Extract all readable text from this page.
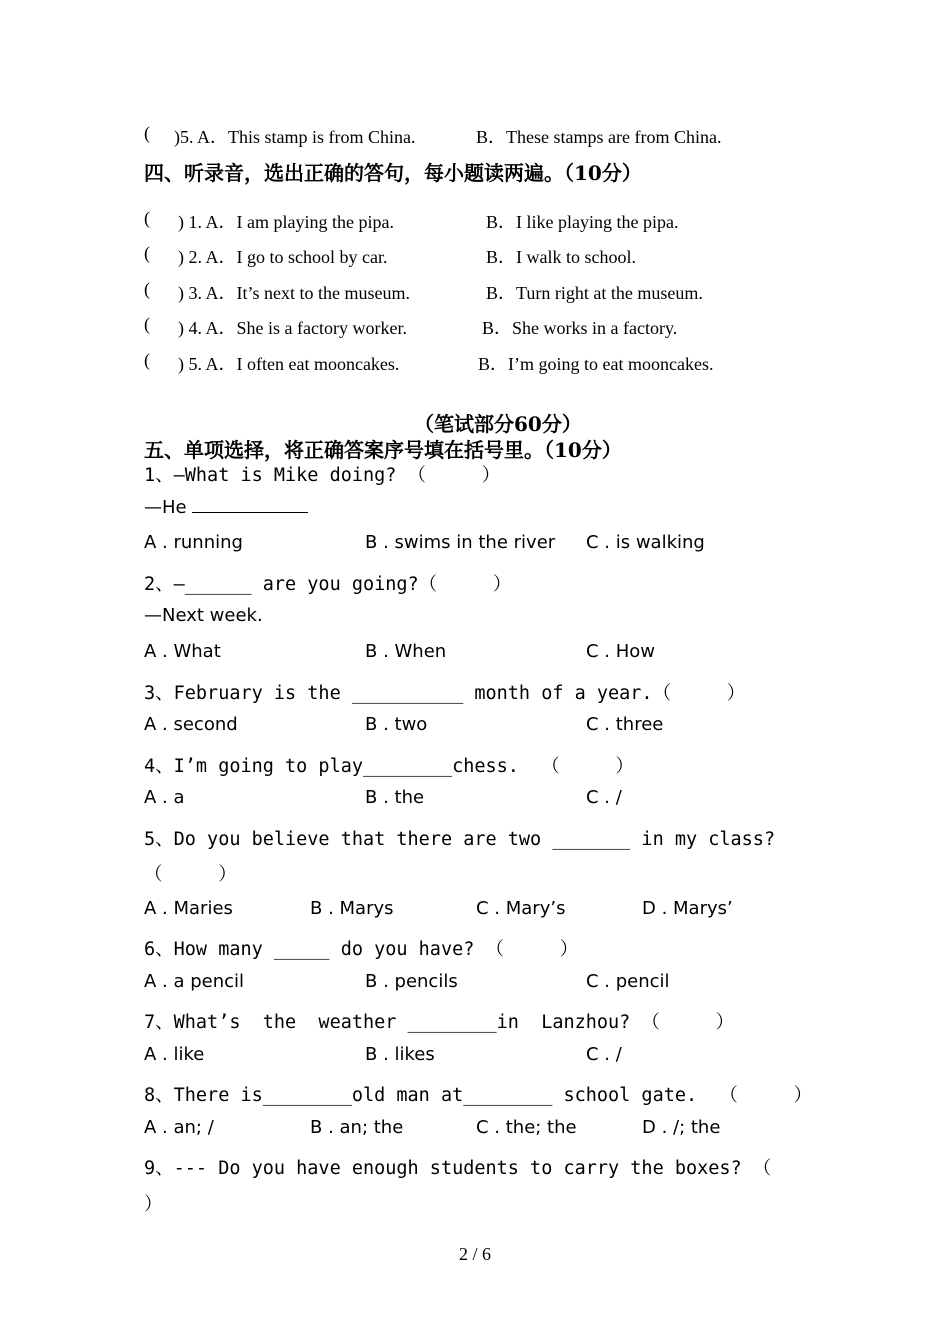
( )5. A．This stamp is from China.	B．These stamps are from China.
四、听录音，选出正确的答句，每小题读两遍。（10分）
( ) 1. A．I am playing the pipa.	B．I like playing the pipa.
( ) 2. A．I go to school by car.	B．I walk to school.
( ) 3. A．It’s next to the museum.	B．Turn right at the museum.
( ) 4. A．She is a factory worker.	B．She works in a factory.
( ) 5. A．I often eat mooncakes.	B．I’m going to eat mooncakes.
（笔试部分60分）
五、单项选择，将正确答案序号填在括号里。（10分）
1、—What is Mike doing? （     ）
—He
A . running	B . swims in the river C . is walking
2、—______ are you going?（     ）
—Next week.
A . What	B . When	C . How
3、February is the __________ month of a year.（     ）
A . second	B . two	C . three
4、I’m going to play________chess.  （     ）
A . a	B . the	C . /
5、Do you believe that there are two _______ in my class?
（     ）
A . Maries	B . Marys	C . Mary’s	D . Marys’
6、How many _____ do you have? （     ）
A . a pencil	B . pencils	C . pencil
7、What’s  the  weather ________in  Lanzhou? （     ）
A . like	B . likes	C . /
8、There is________old man at________ school gate.  （     ）
A . an; /	B . an; the	C . the; the	D . /; the
9、--- Do you have enough students to carry the boxes? （
）
2 / 6
